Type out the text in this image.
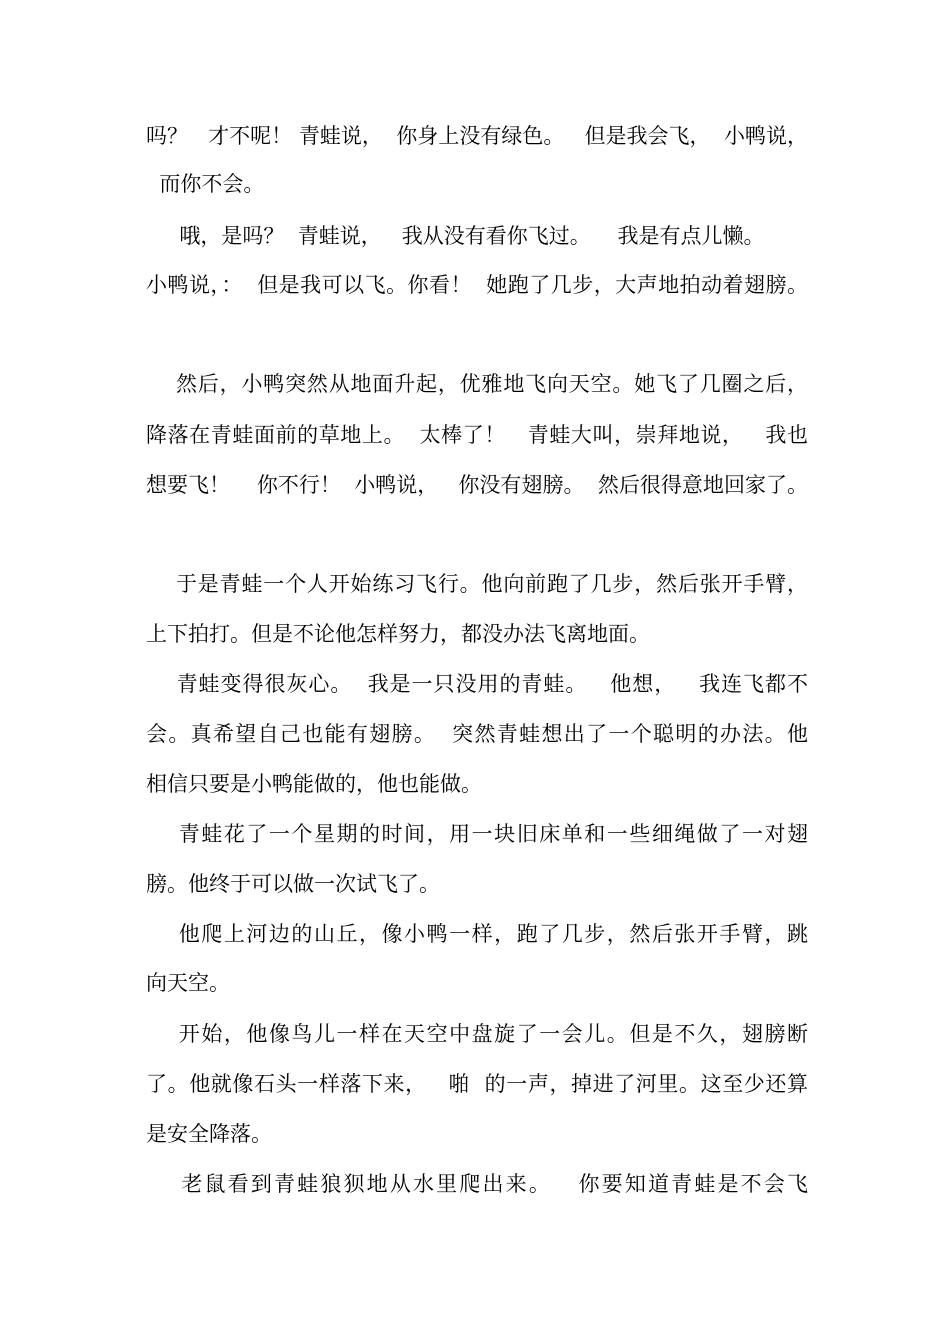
吗？   才不呢！ 青蛙说，  你身上没有绿色。   但是我会飞，  小鸭说，
而你不会。
哦，是吗？  青蛙说，   我从没有看你飞过。    我是有点儿懒。
小鸭说，：  但是我可以飞。你看！  她跑了几步，大声地拍动着翅膀。
然后，小鸭突然从地面升起，优雅地飞向天空。她飞了几圈之后，
降落在青蛙面前的草地上。  太棒了！   青蛙大叫，崇拜地说，   我也
想要飞！    你不行！  小鸭说，   你没有翅膀。  然后很得意地回家了。
于是青蛙一个人开始练习飞行。他向前跑了几步，然后张开手臂，
上下拍打。但是不论他怎样努力，都没办法飞离地面。
青蛙变得很灰心。  我是一只没用的青蛙。   他想，   我连飞都不
会。真希望自己也能有翅膀。  突然青蛙想出了一个聪明的办法。他
相信只要是小鸭能做的，他也能做。
青蛙花了一个星期的时间，用一块旧床单和一些细绳做了一对翅
膀。他终于可以做一次试飞了。
他爬上河边的山丘，像小鸭一样，跑了几步，然后张开手臂，跳
向天空。
开始，他像鸟儿一样在天空中盘旋了一会儿。但是不久，翅膀断
了。他就像石头一样落下来，   啪  的一声，掉进了河里。这至少还算
是安全降落。
老鼠看到青蛙狼狈地从水里爬出来。   你要知道青蛙是不会飞
